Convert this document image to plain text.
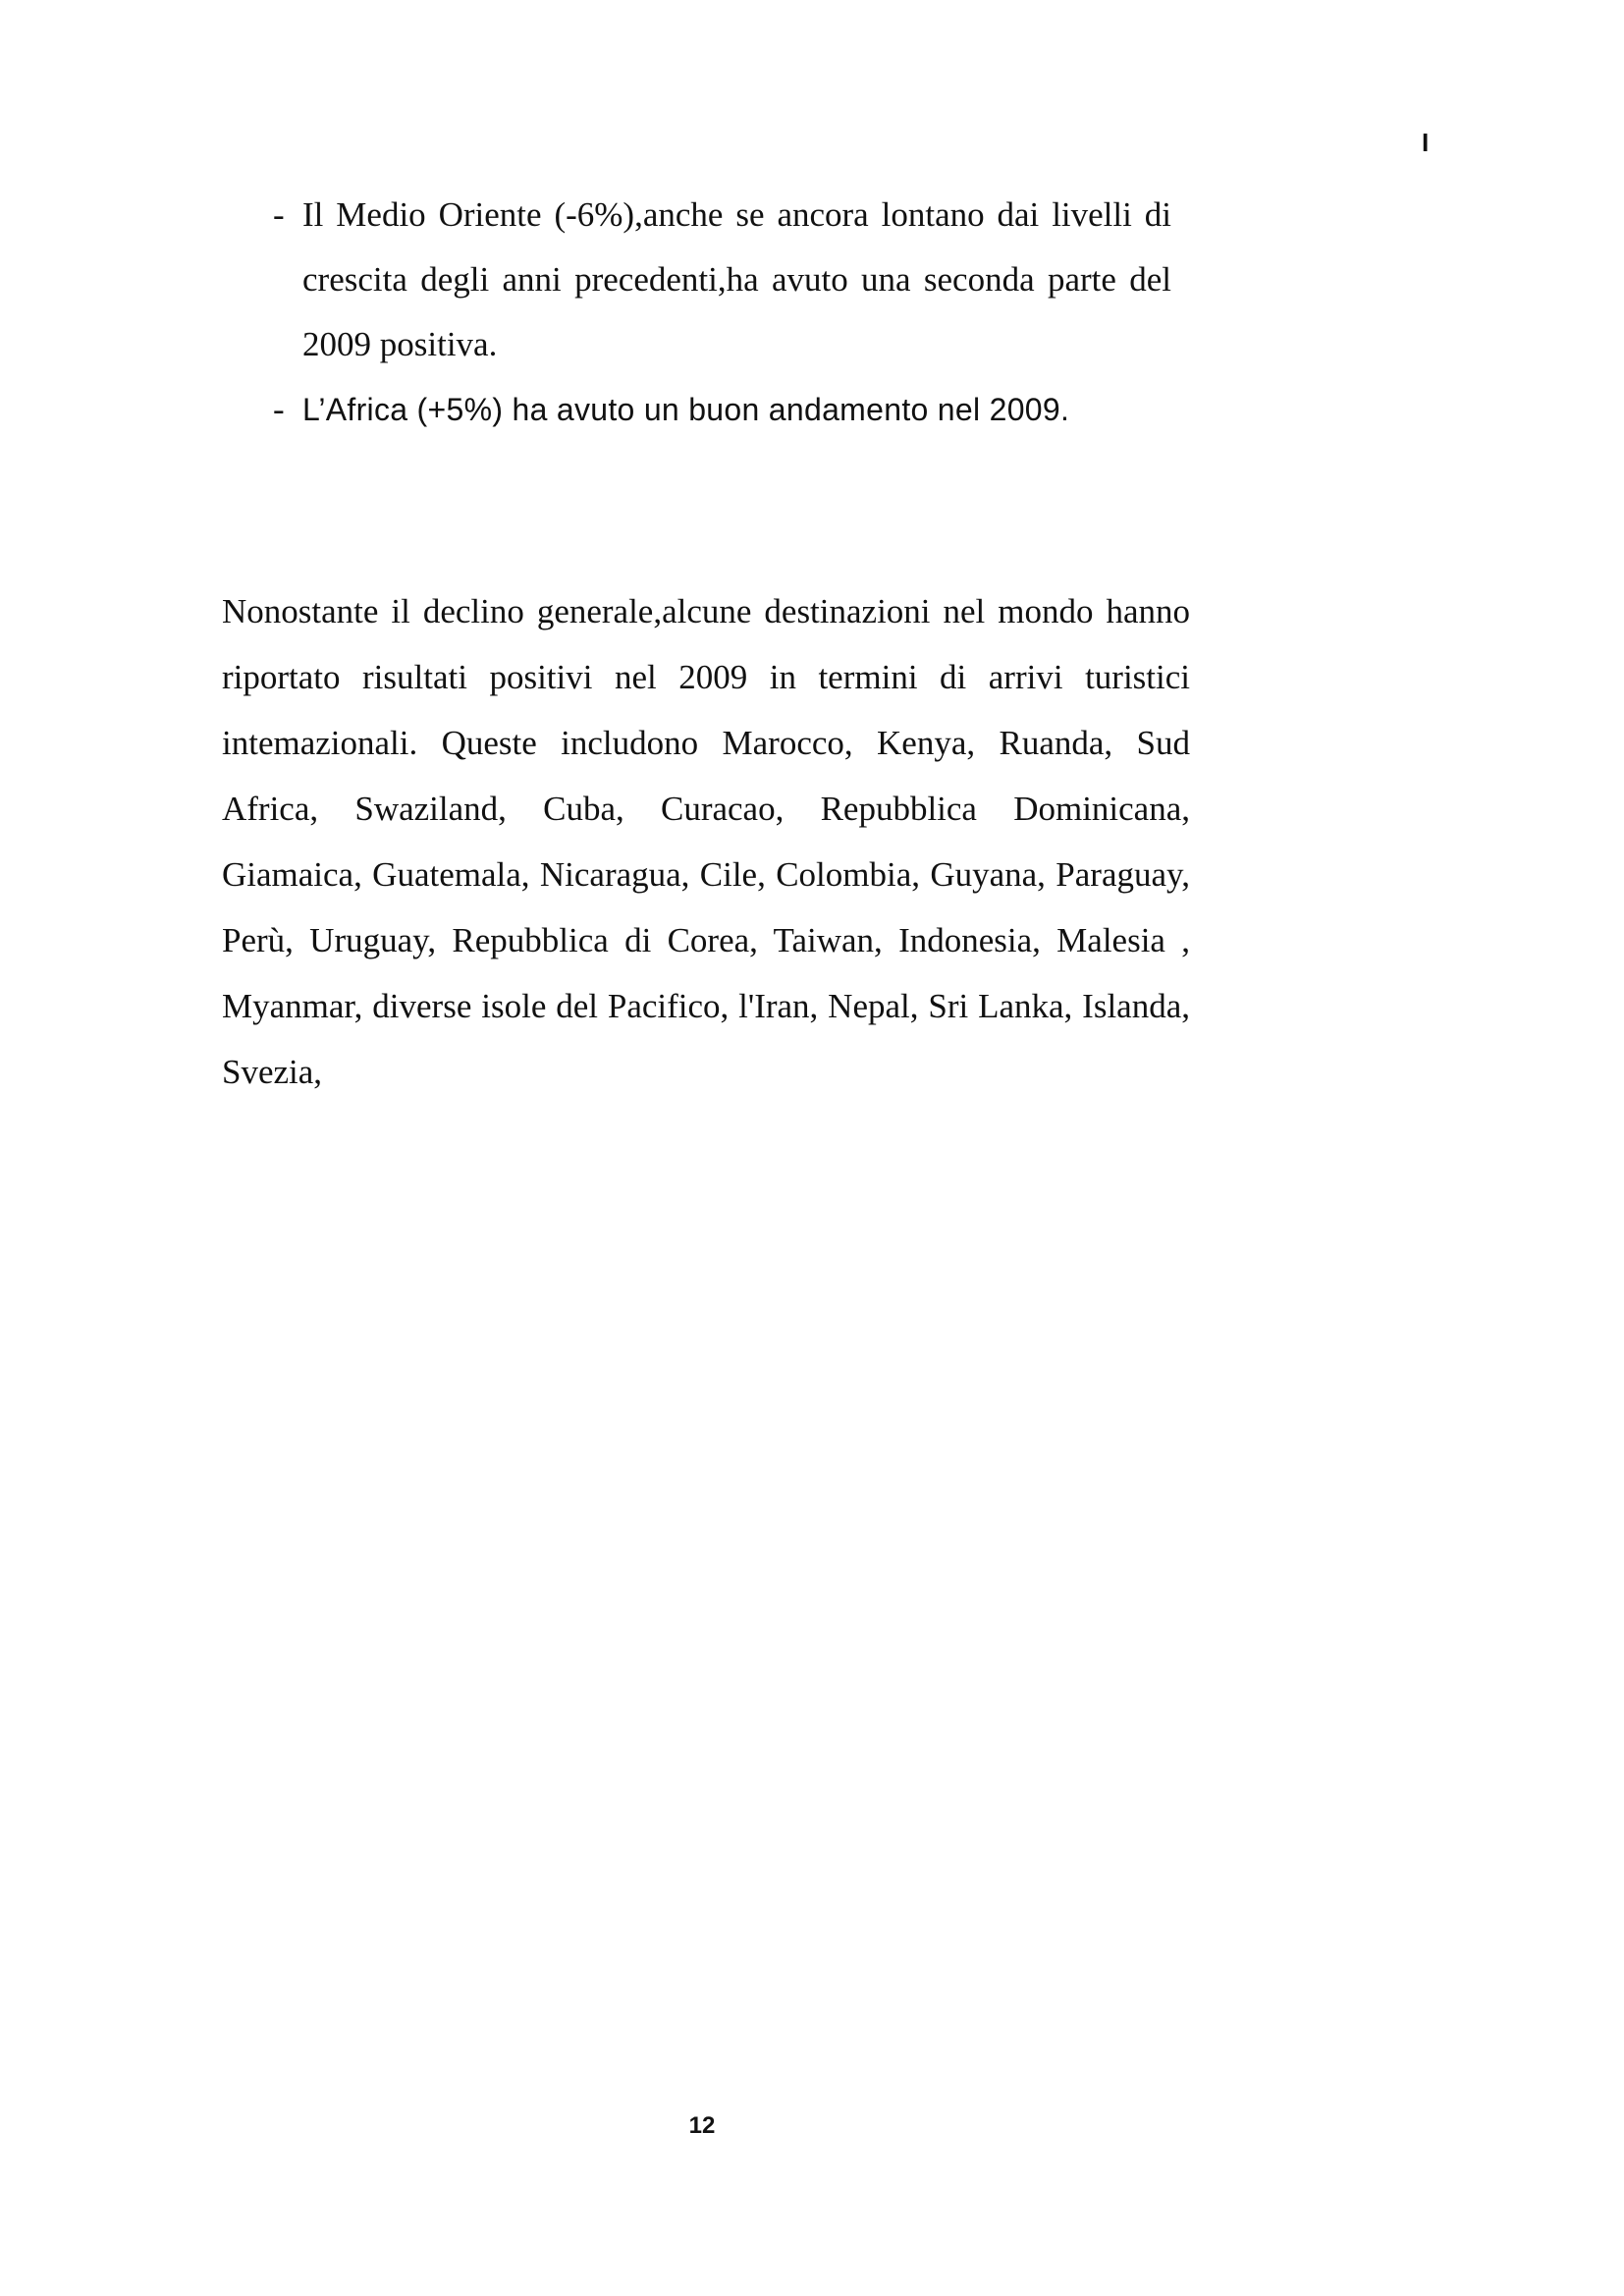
I
- Il Medio Oriente (-6%),anche se ancora lontano dai livelli di crescita degli anni precedenti,ha avuto una seconda parte del 2009 positiva.
- L’Africa (+5%) ha avuto un buon andamento nel 2009.

Nonostante il declino generale,alcune destinazioni nel mondo hanno riportato risultati positivi nel 2009 in termini di arrivi turistici intemazionali. Queste includono Marocco, Kenya, Ruanda, Sud Africa, Swaziland, Cuba, Curacao, Repubblica Dominicana, Giamaica, Guatemala, Nicaragua, Cile, Colombia, Guyana, Paraguay, Perù, Uruguay, Repubblica di Corea, Taiwan, Indonesia, Malesia , Myanmar, diverse isole del Pacifico, l'Iran, Nepal, Sri Lanka, Islanda, Svezia,

12
